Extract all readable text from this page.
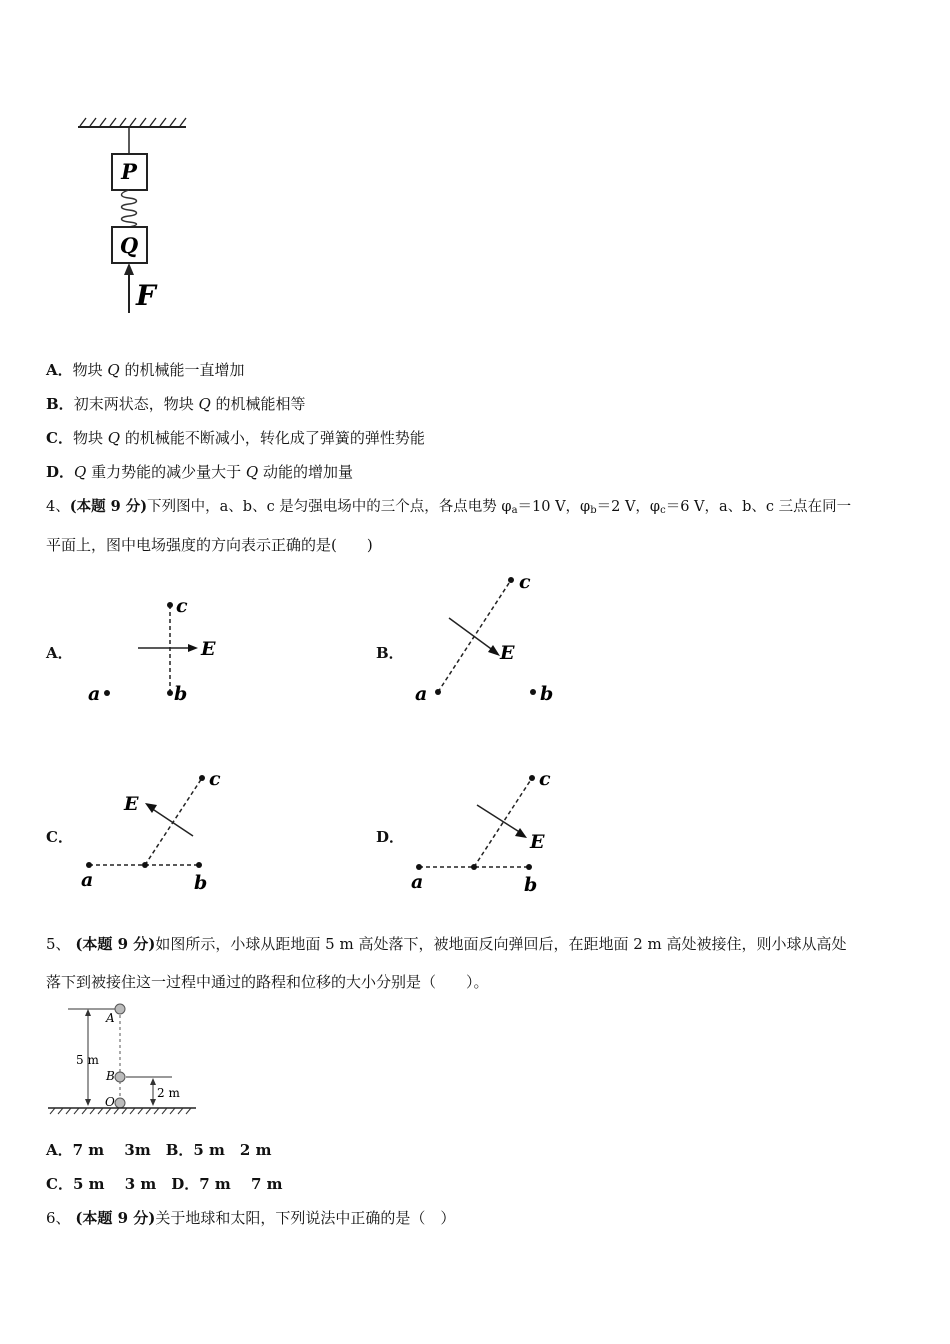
P
Q
F
A．物块 Q 的机械能一直增加
B．初末两状态，物块 Q 的机械能相等
C．物块 Q 的机械能不断减小，转化成了弹簧的弹性势能
D．Q 重力势能的减少量大于 Q 动能的增加量
4、(本题 9 分)下列图中，a、b、c 是匀强电场中的三个点，各点电势 $\varphi_a=10$ V，$\varphi_b=2$ V，$\varphi_c=6$ V，a、b、c 三点在同一
平面上，图中电场强度的方向表示正确的是(　　)
A．	B．
C．	D．
c
b
a
E
c
a	b
E
c
a	b
E
c
a	b
E
5、 (本题 9 分)如图所示，小球从距地面 5 m 高处落下，被地面反向弹回后，在距地面 2 m 高处被接住，则小球从高处
落下到被接住这一过程中通过的路程和位移的大小分别是（　　）。
5 m
A
B
2 m
O
A．7 m　 3m　B．5 m　2 m
C．5 m　 3 m　D．7 m　 7 m
6、 (本题 9 分)关于地球和太阳，下列说法中正确的是（　）
